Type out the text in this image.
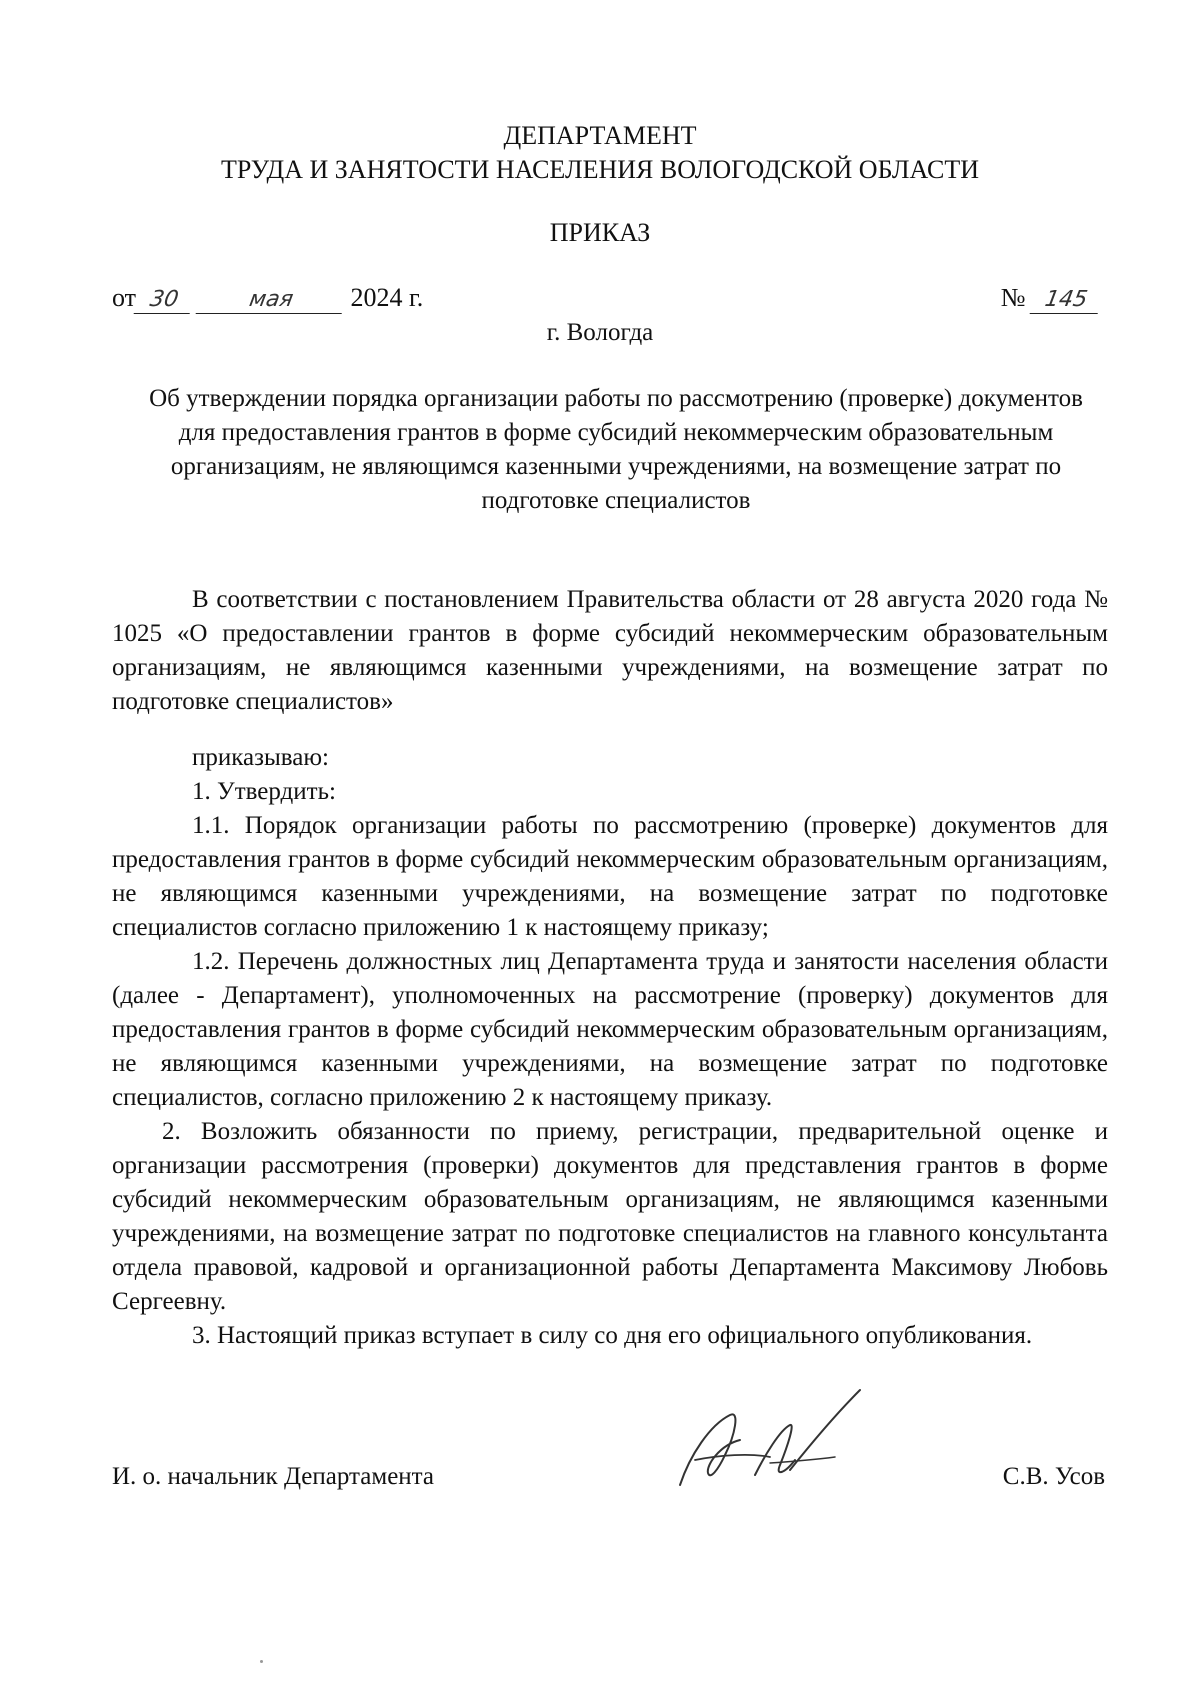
ДЕПАРТАМЕНТ
ТРУДА И ЗАНЯТОСТИ НАСЕЛЕНИЯ ВОЛОГОДСКОЙ ОБЛАСТИ
ПРИКАЗ
от 30	мая 2024 г.	№ 145
г. Вологда
Об утверждении порядка организации работы по рассмотрению (проверке) документов для предоставления грантов в форме субсидий некоммерческим образовательным организациям, не являющимся казенными учреждениями, на возмещение затрат по подготовке специалистов

В соответствии с постановлением Правительства области от 28 августа 2020 года № 1025 «О предоставлении грантов в форме субсидий некоммерческим образовательным организациям, не являющимся казенными учреждениями, на возмещение затрат по подготовке специалистов»

приказываю:

1. Утвердить:

1.1. Порядок организации работы по рассмотрению (проверке) документов для предоставления грантов в форме субсидий некоммерческим образовательным организациям, не являющимся казенными учреждениями, на возмещение затрат по подготовке специалистов согласно приложению 1 к настоящему приказу;

1.2. Перечень должностных лиц Департамента труда и занятости населения области (далее - Департамент), уполномоченных на рассмотрение (проверку) документов для предоставления грантов в форме субсидий некоммерческим образовательным организациям, не являющимся казенными учреждениями, на возмещение затрат по подготовке специалистов, согласно приложению 2 к настоящему приказу.

2. Возложить обязанности по приему, регистрации, предварительной оценке и организации рассмотрения (проверки) документов для представления грантов в форме субсидий некоммерческим образовательным организациям, не являющимся казенными учреждениями, на возмещение затрат по подготовке специалистов на главного консультанта отдела правовой, кадровой и организационной работы Департамента Максимову Любовь Сергеевну.

3. Настоящий приказ вступает в силу со дня его официального опубликования.

И. о. начальник Департамента	С.В. Усов
